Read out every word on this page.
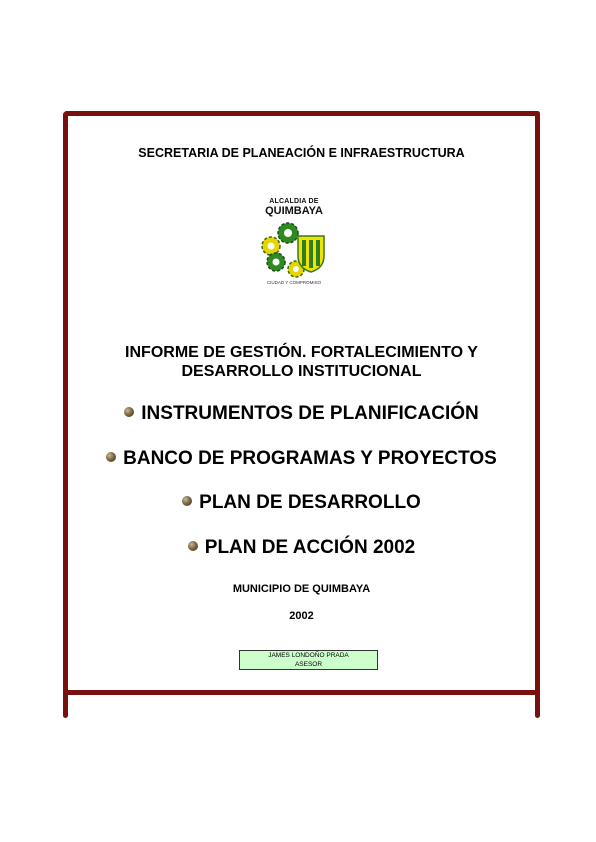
SECRETARIA DE PLANEACIÓN E INFRAESTRUCTURA
ALCALDIA DE
QUIMBAYA
CIUDAD Y COMPROMISO
INFORME DE GESTIÓN. FORTALECIMIENTO Y
DESARROLLO INSTITUCIONAL
INSTRUMENTOS DE PLANIFICACIÓN
BANCO DE PROGRAMAS Y PROYECTOS
PLAN DE DESARROLLO
PLAN DE ACCIÓN 2002
MUNICIPIO DE QUIMBAYA
2002
JAMES LONDOÑO PRADA
ASESOR
